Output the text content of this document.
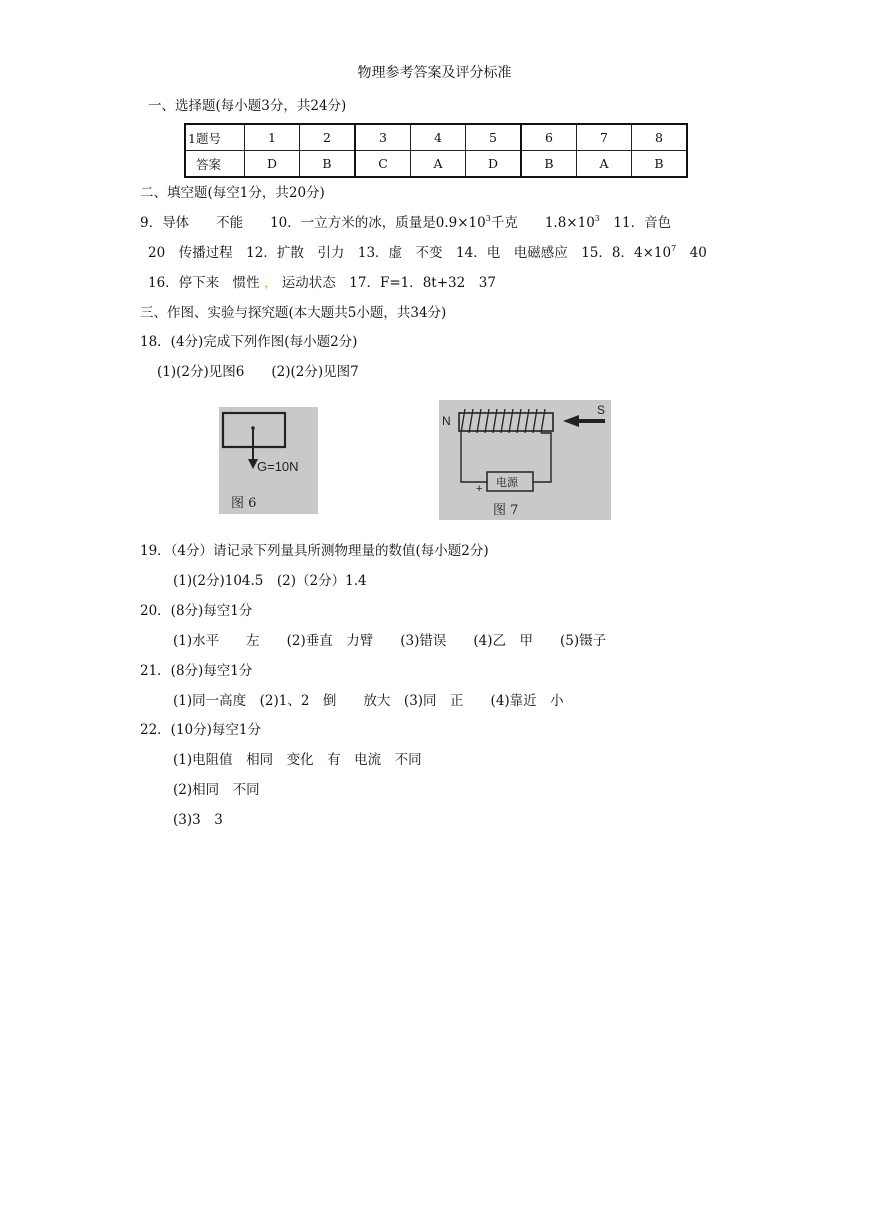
物理参考答案及评分标准
一、选择题(每小题3分，共24分)
1题号	1	2	3	4	5	6	7	8
答案	D	B	C	A	D	B	A	B
二、填空题(每空1分，共20分)
9．导体　　不能　　10．一立方米的冰，质量是$0.9\times 10^3$千克　　$1.8\times 10^3$　11．音色
20　传播过程　12．扩散　引力　13．虚　不变　14．电　电磁感应　15．8．$4\times 10^7$　40
16．停下来　惯性 ， 运动状态　17．F=1．8t+32　37
三、作图、实验与探究题(本大题共5小题，共34分)
18．(4分)完成下列作图(每小题2分)
(1)(2分)见图6　　(2)(2分)见图7
G=10N
图 6
N
S
电源
+
图 7
19．（4分）请记录下列量具所测物理量的数值(每小题2分)
(1)(2分)104.5　(2)（2分）1.4
20．(8分)每空1分
(1)水平　　左　　(2)垂直　力臂　　(3)错误　　(4)乙　甲　　(5)镊子
21．(8分)每空1分
(1)同一高度　(2)1、2　倒　　放大　(3)同　正　　(4)靠近　小
22．(10分)每空1分
(1)电阻值　相同　变化　有　电流　不同
(2)相同　不同
(3)3　3
